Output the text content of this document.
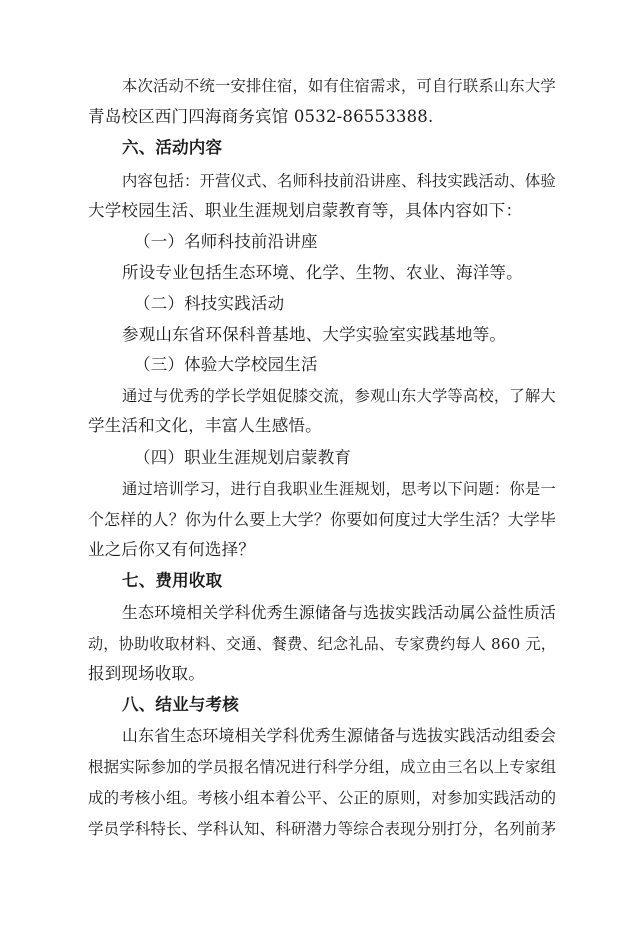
本次活动不统一安排住宿，如有住宿需求，可自行联系山东大学
青岛校区西门四海商务宾馆 0532-86553388.
六、活动内容
内容包括：开营仪式、名师科技前沿讲座、科技实践活动、体验
大学校园生活、职业生涯规划启蒙教育等，具体内容如下：
（一）名师科技前沿讲座
所设专业包括生态环境、化学、生物、农业、海洋等。
（二）科技实践活动
参观山东省环保科普基地、大学实验室实践基地等。
（三）体验大学校园生活
通过与优秀的学长学姐促膝交流，参观山东大学等高校，了解大
学生活和文化，丰富人生感悟。
（四）职业生涯规划启蒙教育
通过培训学习，进行自我职业生涯规划，思考以下问题：你是一
个怎样的人？你为什么要上大学？你要如何度过大学生活？大学毕
业之后你又有何选择？
七、费用收取
生态环境相关学科优秀生源储备与选拔实践活动属公益性质活
动，协助收取材料、交通、餐费、纪念礼品、专家费约每人 860 元，
报到现场收取。
八、结业与考核
山东省生态环境相关学科优秀生源储备与选拔实践活动组委会
根据实际参加的学员报名情况进行科学分组，成立由三名以上专家组
成的考核小组。考核小组本着公平、公正的原则，对参加实践活动的
学员学科特长、学科认知、科研潜力等综合表现分别打分，名列前茅
